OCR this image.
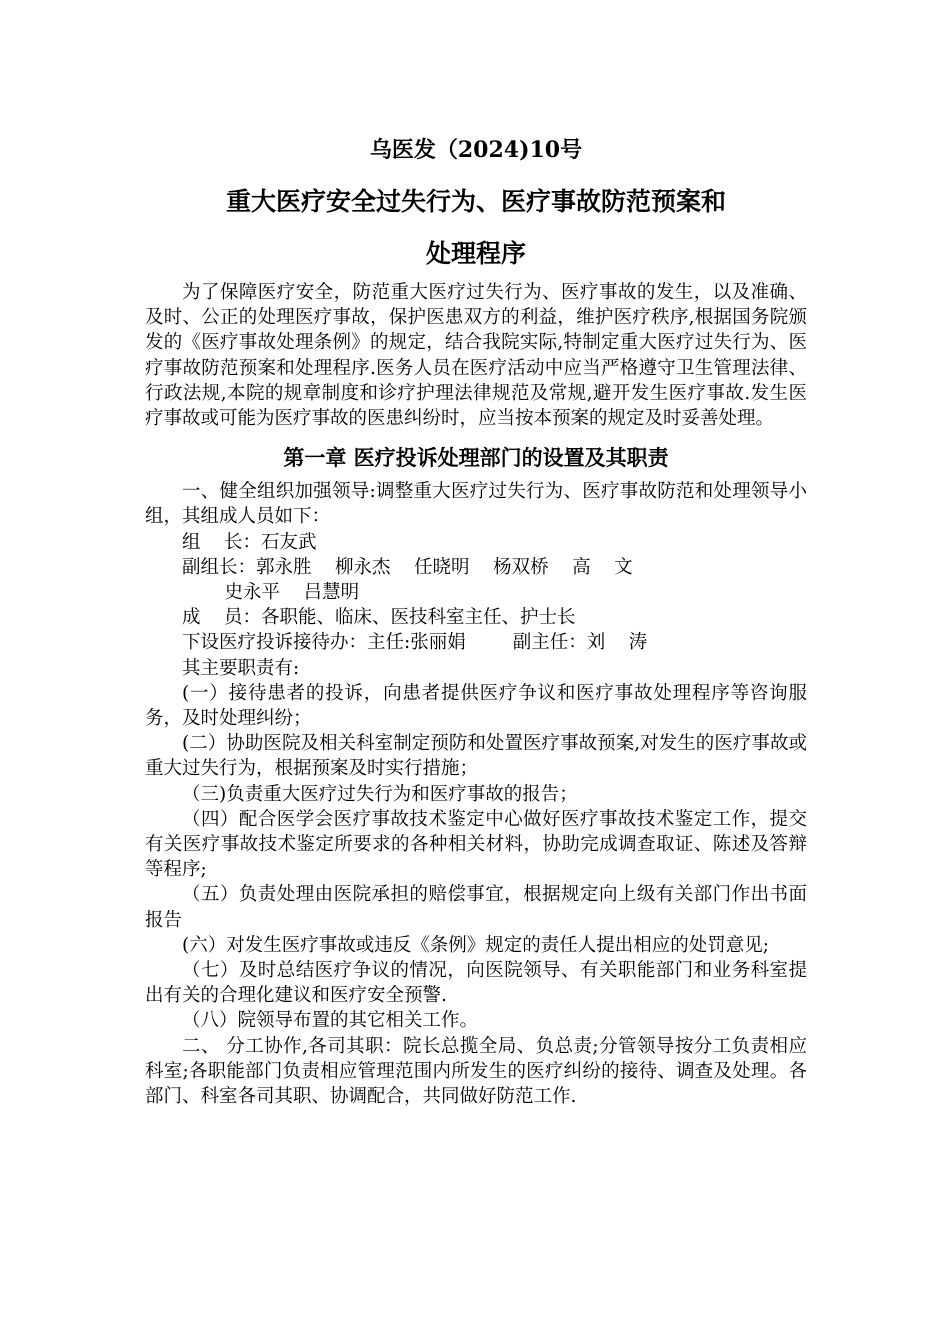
乌医发（2024)10号
重大医疗安全过失行为、医疗事故防范预案和
处理程序

为了保障医疗安全，防范重大医疗过失行为、医疗事故的发生，以及准确、及时、公正的处理医疗事故，保护医患双方的利益，维护医疗秩序,根据国务院颁发的《医疗事故处理条例》的规定，结合我院实际,特制定重大医疗过失行为、医疗事故防范预案和处理程序.医务人员在医疗活动中应当严格遵守卫生管理法律、行政法规,本院的规章制度和诊疗护理法律规范及常规,避开发生医疗事故.发生医疗事故或可能为医疗事故的医患纠纷时，应当按本预案的规定及时妥善处理。

第一章 医疗投诉处理部门的设置及其职责

一、健全组织加强领导:调整重大医疗过失行为、医疗事故防范和处理领导小组，其组成人员如下：

组    长：石友武

副组长：郭永胜    柳永杰    任晓明    杨双桥    高    文

史永平    吕慧明

成    员：各职能、临床、医技科室主任、护士长

下设医疗投诉接待办：主任:张丽娟        副主任：刘    涛

其主要职责有:

(一）接待患者的投诉，向患者提供医疗争议和医疗事故处理程序等咨询服务，及时处理纠纷；

(二）协助医院及相关科室制定预防和处置医疗事故预案,对发生的医疗事故或重大过失行为，根据预案及时实行措施；

（三)负责重大医疗过失行为和医疗事故的报告；

（四）配合医学会医疗事故技术鉴定中心做好医疗事故技术鉴定工作，提交有关医疗事故技术鉴定所要求的各种相关材料，协助完成调查取证、陈述及答辩等程序;

（五）负责处理由医院承担的赔偿事宜，根据规定向上级有关部门作出书面报告

(六）对发生医疗事故或违反《条例》规定的责任人提出相应的处罚意见;

（七）及时总结医疗争议的情况，向医院领导、有关职能部门和业务科室提出有关的合理化建议和医疗安全预警.

（八）院领导布置的其它相关工作。

二、 分工协作,各司其职：院长总揽全局、负总责;分管领导按分工负责相应科室;各职能部门负责相应管理范围内所发生的医疗纠纷的接待、调查及处理。各部门、科室各司其职、协调配合，共同做好防范工作.
